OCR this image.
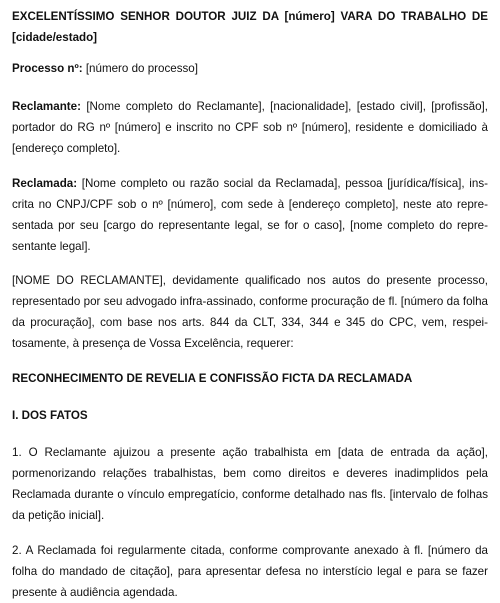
EXCELENTÍSSIMO SENHOR DOUTOR JUIZ DA [número] VARA DO TRABALHO DE [cidade/estado]

Processo nº: [número do processo]

Reclamante: [Nome completo do Reclamante], [nacionalidade], [estado civil], [profissão], portador do RG nº [número] e inscrito no CPF sob nº [número], residente e domiciliado à [endereço completo].

Reclamada: [Nome completo ou razão social da Reclamada], pessoa [jurídica/física], inscrita no CNPJ/CPF sob o nº [número], com sede à [endereço completo], neste ato representada por seu [cargo do representante legal, se for o caso], [nome completo do representante legal].

[NOME DO RECLAMANTE], devidamente qualificado nos autos do presente processo, representado por seu advogado infra-assinado, conforme procuração de fl. [número da folha da procuração], com base nos arts. 844 da CLT, 334, 344 e 345 do CPC, vem, respeitosamente, à presença de Vossa Excelência, requerer:

RECONHECIMENTO DE REVELIA E CONFISSÃO FICTA DA RECLAMADA

I. DOS FATOS

1. O Reclamante ajuizou a presente ação trabalhista em [data de entrada da ação], pormenorizando relações trabalhistas, bem como direitos e deveres inadimplidos pela Reclamada durante o vínculo empregatício, conforme detalhado nas fls. [intervalo de folhas da petição inicial].

2. A Reclamada foi regularmente citada, conforme comprovante anexado à fl. [número da folha do mandado de citação], para apresentar defesa no interstício legal e para se fazer presente à audiência agendada.
